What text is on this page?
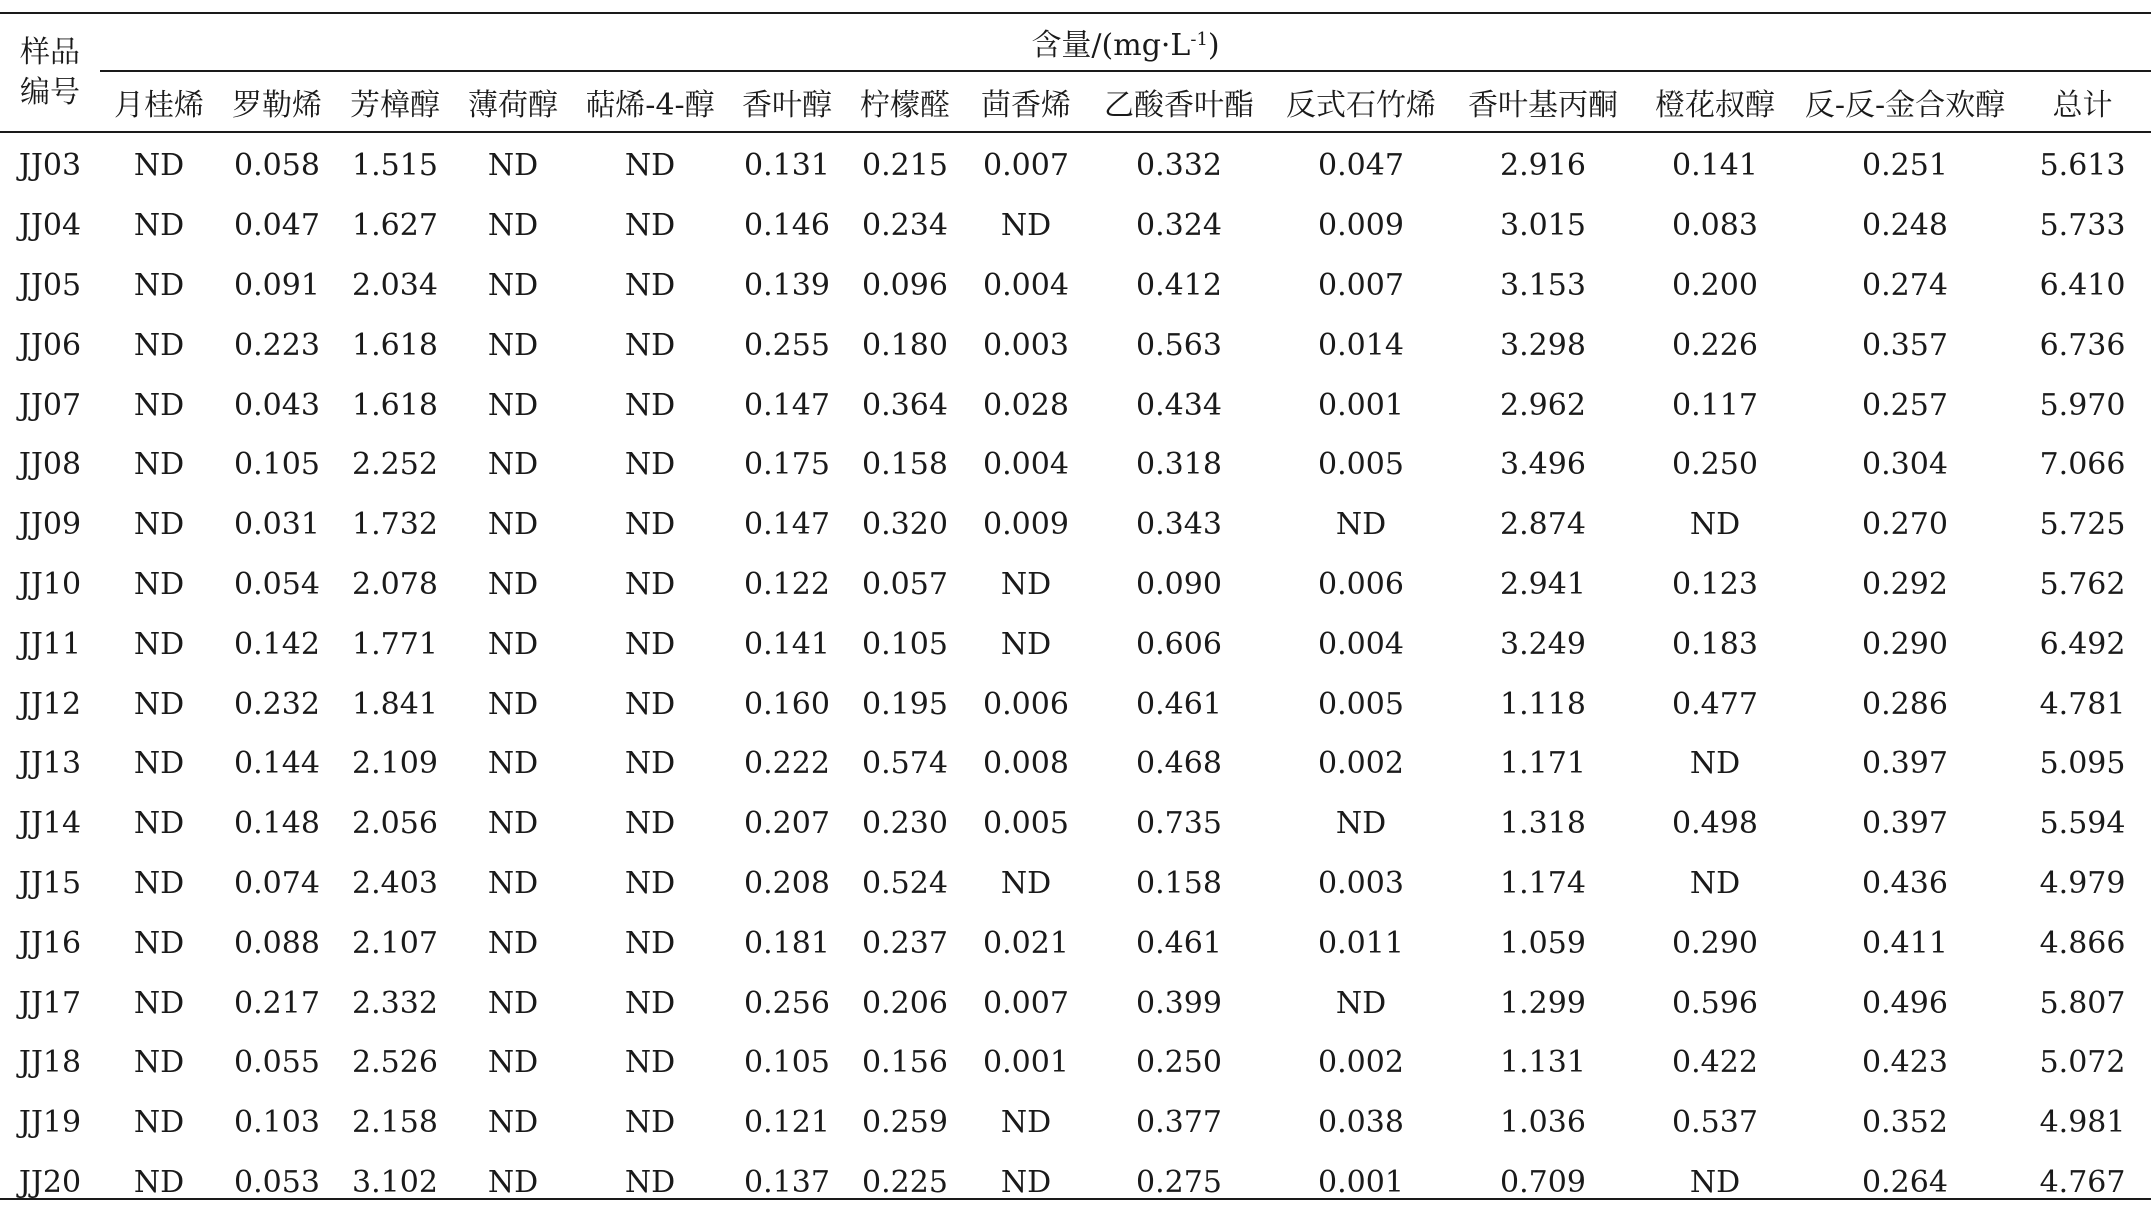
样品
编号	含量$/(mg\cdot L^{-1})$													
	月桂烯	罗勒烯	芳樟醇	薄荷醇	萜烯-4-醇	香叶醇	柠檬醛	茴香烯	乙酸香叶酯	反式石竹烯	香叶基丙酮	橙花叔醇	反-反-金合欢醇	总计
JJ03	ND	0.058	1.515	ND	ND	0.131	0.215	0.007	0.332	0.047	2.916	0.141	0.251	5.613
JJ04	ND	0.047	1.627	ND	ND	0.146	0.234	ND	0.324	0.009	3.015	0.083	0.248	5.733
JJ05	ND	0.091	2.034	ND	ND	0.139	0.096	0.004	0.412	0.007	3.153	0.200	0.274	6.410
JJ06	ND	0.223	1.618	ND	ND	0.255	0.180	0.003	0.563	0.014	3.298	0.226	0.357	6.736
JJ07	ND	0.043	1.618	ND	ND	0.147	0.364	0.028	0.434	0.001	2.962	0.117	0.257	5.970
JJ08	ND	0.105	2.252	ND	ND	0.175	0.158	0.004	0.318	0.005	3.496	0.250	0.304	7.066
JJ09	ND	0.031	1.732	ND	ND	0.147	0.320	0.009	0.343	ND	2.874	ND	0.270	5.725
JJ10	ND	0.054	2.078	ND	ND	0.122	0.057	ND	0.090	0.006	2.941	0.123	0.292	5.762
JJ11	ND	0.142	1.771	ND	ND	0.141	0.105	ND	0.606	0.004	3.249	0.183	0.290	6.492
JJ12	ND	0.232	1.841	ND	ND	0.160	0.195	0.006	0.461	0.005	1.118	0.477	0.286	4.781
JJ13	ND	0.144	2.109	ND	ND	0.222	0.574	0.008	0.468	0.002	1.171	ND	0.397	5.095
JJ14	ND	0.148	2.056	ND	ND	0.207	0.230	0.005	0.735	ND	1.318	0.498	0.397	5.594
JJ15	ND	0.074	2.403	ND	ND	0.208	0.524	ND	0.158	0.003	1.174	ND	0.436	4.979
JJ16	ND	0.088	2.107	ND	ND	0.181	0.237	0.021	0.461	0.011	1.059	0.290	0.411	4.866
JJ17	ND	0.217	2.332	ND	ND	0.256	0.206	0.007	0.399	ND	1.299	0.596	0.496	5.807
JJ18	ND	0.055	2.526	ND	ND	0.105	0.156	0.001	0.250	0.002	1.131	0.422	0.423	5.072
JJ19	ND	0.103	2.158	ND	ND	0.121	0.259	ND	0.377	0.038	1.036	0.537	0.352	4.981
JJ20	ND	0.053	3.102	ND	ND	0.137	0.225	ND	0.275	0.001	0.709	ND	0.264	4.767
